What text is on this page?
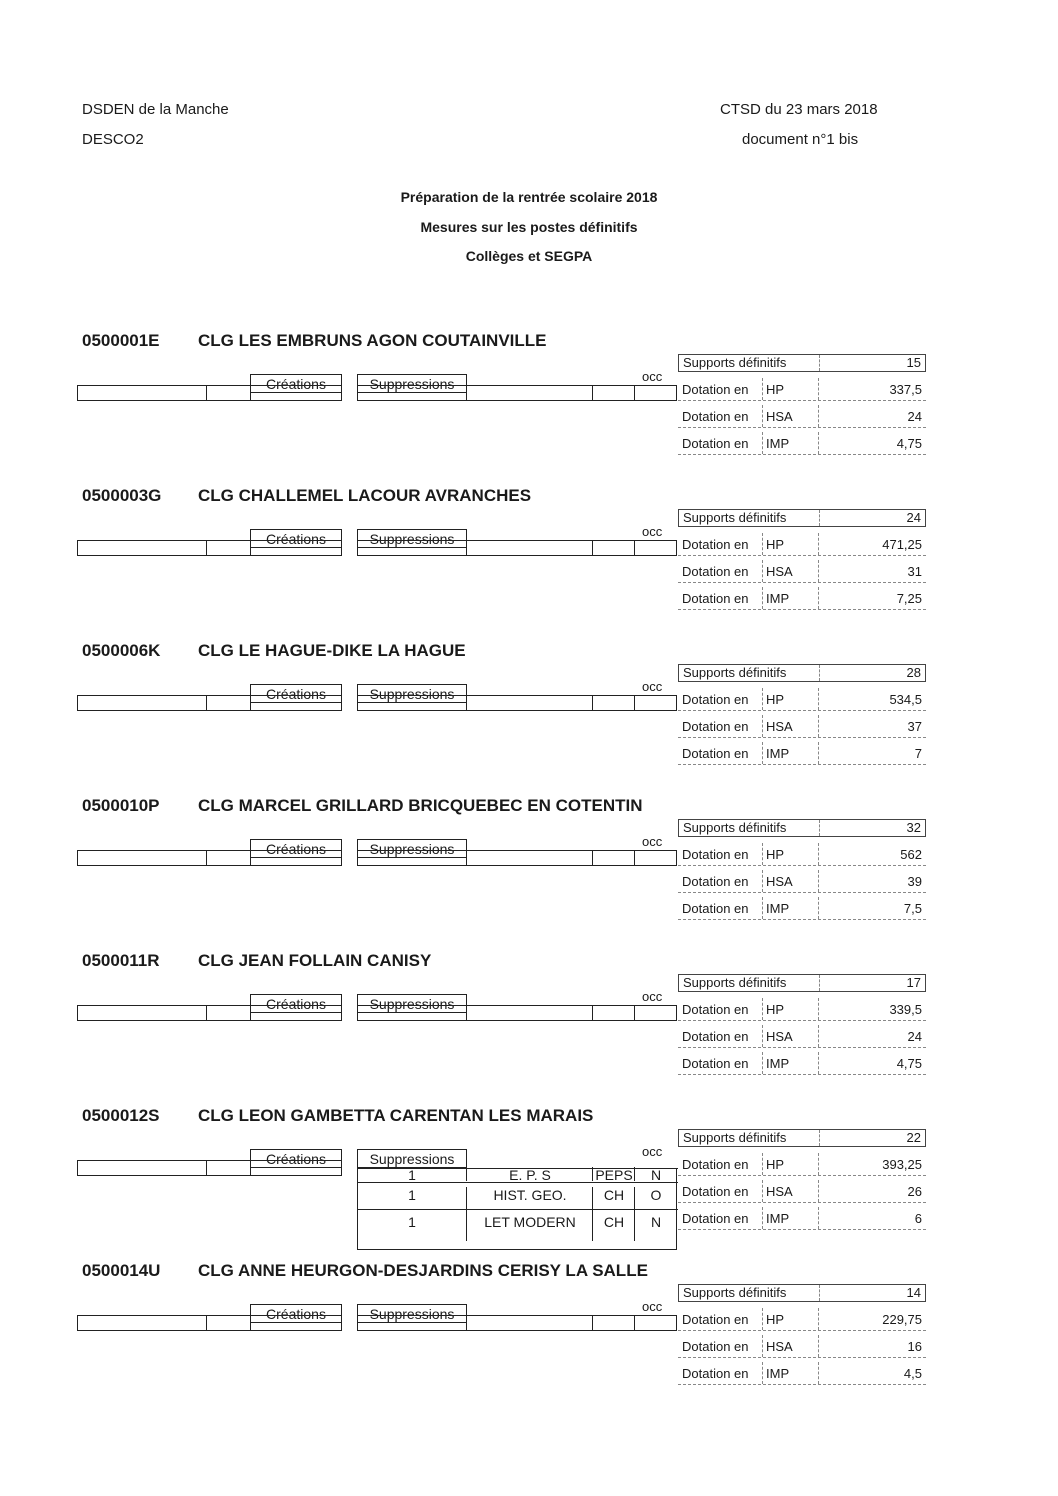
DSDEN de la Manche
DESCO2
CTSD du 23 mars 2018
document n°1 bis
Préparation de la rentrée scolaire 2018
Mesures sur les postes définitifs
Collèges et SEGPA
0500001E CLG LES EMBRUNS AGON COUTAINVILLE
Créations	Suppressions	occ
Supports définitifs	15
Dotation en HP	337,5
Dotation en HSA	24
Dotation en IMP	4,75
0500003G CLG CHALLEMEL LACOUR AVRANCHES
Créations	Suppressions	occ
Supports définitifs	24
Dotation en HP	471,25
Dotation en HSA	31
Dotation en IMP	7,25
0500006K CLG LE HAGUE-DIKE LA HAGUE
Créations	Suppressions	occ
Supports définitifs	28
Dotation en HP	534,5
Dotation en HSA	37
Dotation en IMP	7
0500010P CLG MARCEL GRILLARD BRICQUEBEC EN COTENTIN
Créations	Suppressions	occ
Supports définitifs	32
Dotation en HP	562
Dotation en HSA	39
Dotation en IMP	7,5
0500011R CLG JEAN FOLLAIN CANISY
Créations	Suppressions	occ
Supports définitifs	17
Dotation en HP	339,5
Dotation en HSA	24
Dotation en IMP	4,75
0500012S CLG LEON GAMBETTA CARENTAN LES MARAIS
Créations	Suppressions	occ
1	E. P. S	PEPS	N
1	HIST. GEO.	CH	O
1	LET MODERN	CH	N
Supports définitifs	22
Dotation en HP	393,25
Dotation en HSA	26
Dotation en IMP	6
0500014U CLG ANNE HEURGON-DESJARDINS CERISY LA SALLE
Créations	Suppressions	occ
Supports définitifs	14
Dotation en HP	229,75
Dotation en HSA	16
Dotation en IMP	4,5
